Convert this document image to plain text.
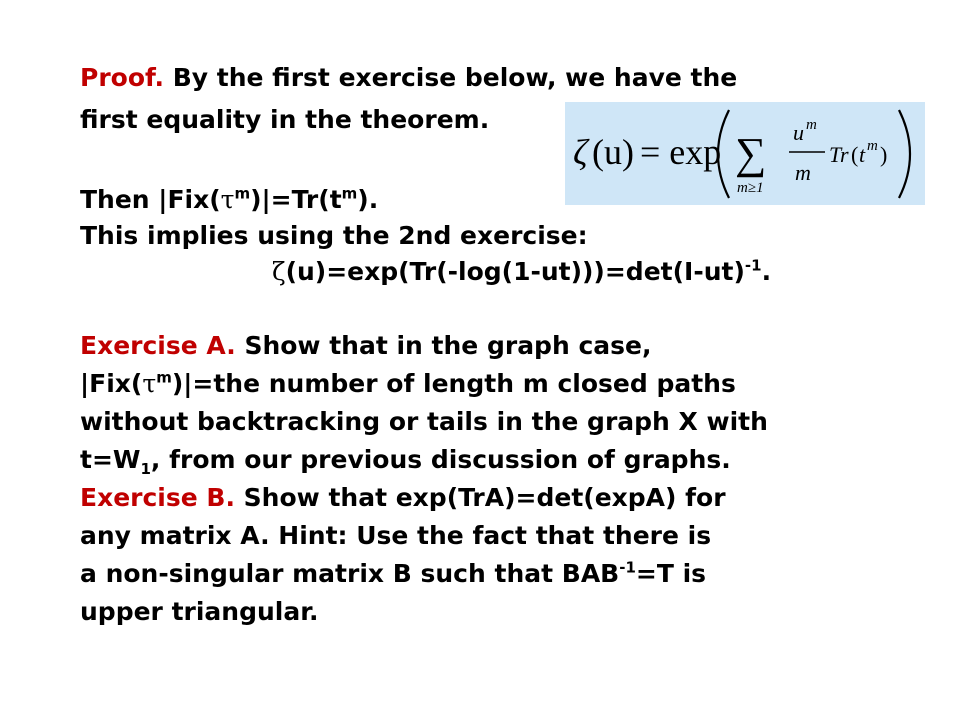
Proof. By the first exercise below, we have the

first equality in the theorem.

ζ (u) = exp ∑
m≥1
u m
m
Tr ( t m )

Then $|Fix(\tau^m)|=Tr(t^m)$.

This implies using the 2nd exercise:

$\zeta(u)=\exp(Tr(-\log(1-ut)))=\det(I-ut)^{-1}$.

Exercise A. Show that in the graph case,

$|Fix(\tau^m)|=the$ number of length m closed paths

without backtracking or tails in the graph X with

$t=W_1$, from our previous discussion of graphs.

Exercise B. Show that exp(TrA)=det(expA) for

any matrix A. Hint: Use the fact that there is

a non-singular matrix B such that $BAB^{-1}=T$ is

upper triangular.
